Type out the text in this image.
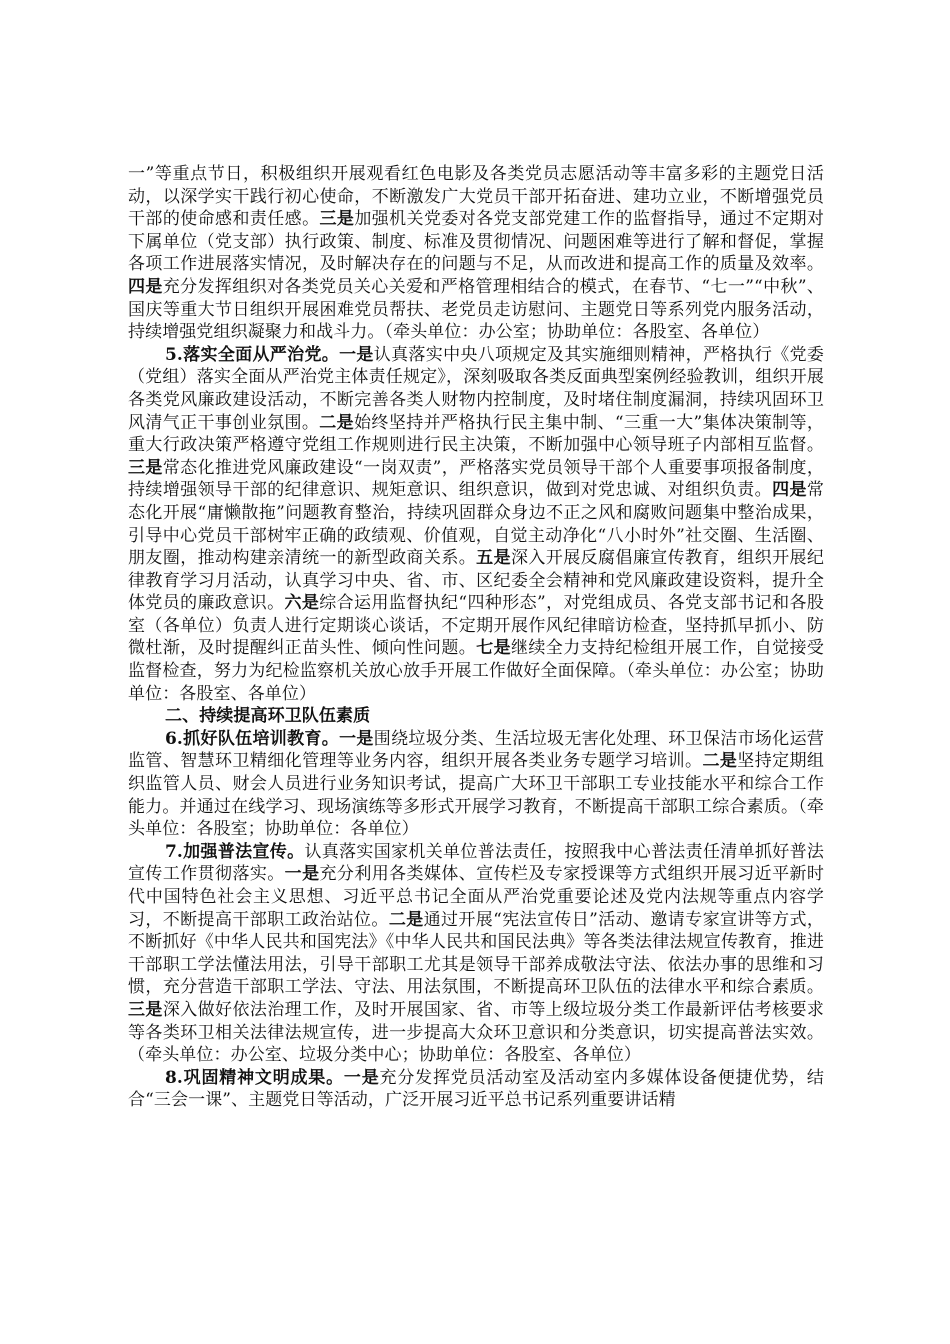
一”等重点节日，积极组织开展观看红色电影及各类党员志愿活动等丰富多彩的主题党日活动，以深学实干践行初心使命，不断激发广大党员干部开拓奋进、建功立业，不断增强党员干部的使命感和责任感。三是加强机关党委对各党支部党建工作的监督指导，通过不定期对下属单位（党支部）执行政策、制度、标准及贯彻情况、问题困难等进行了解和督促，掌握各项工作进展落实情况，及时解决存在的问题与不足，从而改进和提高工作的质量及效率。四是充分发挥组织对各类党员关心关爱和严格管理相结合的模式，在春节、“七一”“中秋”、国庆等重大节日组织开展困难党员帮扶、老党员走访慰问、主题党日等系列党内服务活动，持续增强党组织凝聚力和战斗力。（牵头单位：办公室；协助单位：各股室、各单位）

5.落实全面从严治党。一是认真落实中央八项规定及其实施细则精神，严格执行《党委（党组）落实全面从严治党主体责任规定》，深刻吸取各类反面典型案例经验教训，组织开展各类党风廉政建设活动，不断完善各类人财物内控制度，及时堵住制度漏洞，持续巩固环卫风清气正干事创业氛围。二是始终坚持并严格执行民主集中制、“三重一大”集体决策制等，重大行政决策严格遵守党组工作规则进行民主决策，不断加强中心领导班子内部相互监督。三是常态化推进党风廉政建设“一岗双责”，严格落实党员领导干部个人重要事项报备制度，持续增强领导干部的纪律意识、规矩意识、组织意识，做到对党忠诚、对组织负责。四是常态化开展“庸懒散拖”问题教育整治，持续巩固群众身边不正之风和腐败问题集中整治成果，引导中心党员干部树牢正确的政绩观、价值观，自觉主动净化“八小时外”社交圈、生活圈、朋友圈，推动构建亲清统一的新型政商关系。五是深入开展反腐倡廉宣传教育，组织开展纪律教育学习月活动，认真学习中央、省、市、区纪委全会精神和党风廉政建设资料，提升全体党员的廉政意识。六是综合运用监督执纪“四种形态”，对党组成员、各党支部书记和各股室（各单位）负责人进行定期谈心谈话，不定期开展作风纪律暗访检查，坚持抓早抓小、防微杜渐，及时提醒纠正苗头性、倾向性问题。七是继续全力支持纪检组开展工作，自觉接受监督检查，努力为纪检监察机关放心放手开展工作做好全面保障。（牵头单位：办公室；协助单位：各股室、各单位）

二、持续提高环卫队伍素质

6.抓好队伍培训教育。一是围绕垃圾分类、生活垃圾无害化处理、环卫保洁市场化运营监管、智慧环卫精细化管理等业务内容，组织开展各类业务专题学习培训。二是坚持定期组织监管人员、财会人员进行业务知识考试，提高广大环卫干部职工专业技能水平和综合工作能力。并通过在线学习、现场演练等多形式开展学习教育，不断提高干部职工综合素质。（牵头单位：各股室；协助单位：各单位）

7.加强普法宣传。认真落实国家机关单位普法责任，按照我中心普法责任清单抓好普法宣传工作贯彻落实。一是充分利用各类媒体、宣传栏及专家授课等方式组织开展习近平新时代中国特色社会主义思想、习近平总书记全面从严治党重要论述及党内法规等重点内容学习，不断提高干部职工政治站位。二是通过开展“宪法宣传日”活动、邀请专家宣讲等方式，不断抓好《中华人民共和国宪法》《中华人民共和国民法典》等各类法律法规宣传教育，推进干部职工学法懂法用法，引导干部职工尤其是领导干部养成敬法守法、依法办事的思维和习惯，充分营造干部职工学法、守法、用法氛围，不断提高环卫队伍的法律水平和综合素质。三是深入做好依法治理工作，及时开展国家、省、市等上级垃圾分类工作最新评估考核要求等各类环卫相关法律法规宣传，进一步提高大众环卫意识和分类意识，切实提高普法实效。（牵头单位：办公室、垃圾分类中心；协助单位：各股室、各单位）

8.巩固精神文明成果。一是充分发挥党员活动室及活动室内多媒体设备便捷优势，结合“三会一课”、主题党日等活动，广泛开展习近平总书记系列重要讲话精
